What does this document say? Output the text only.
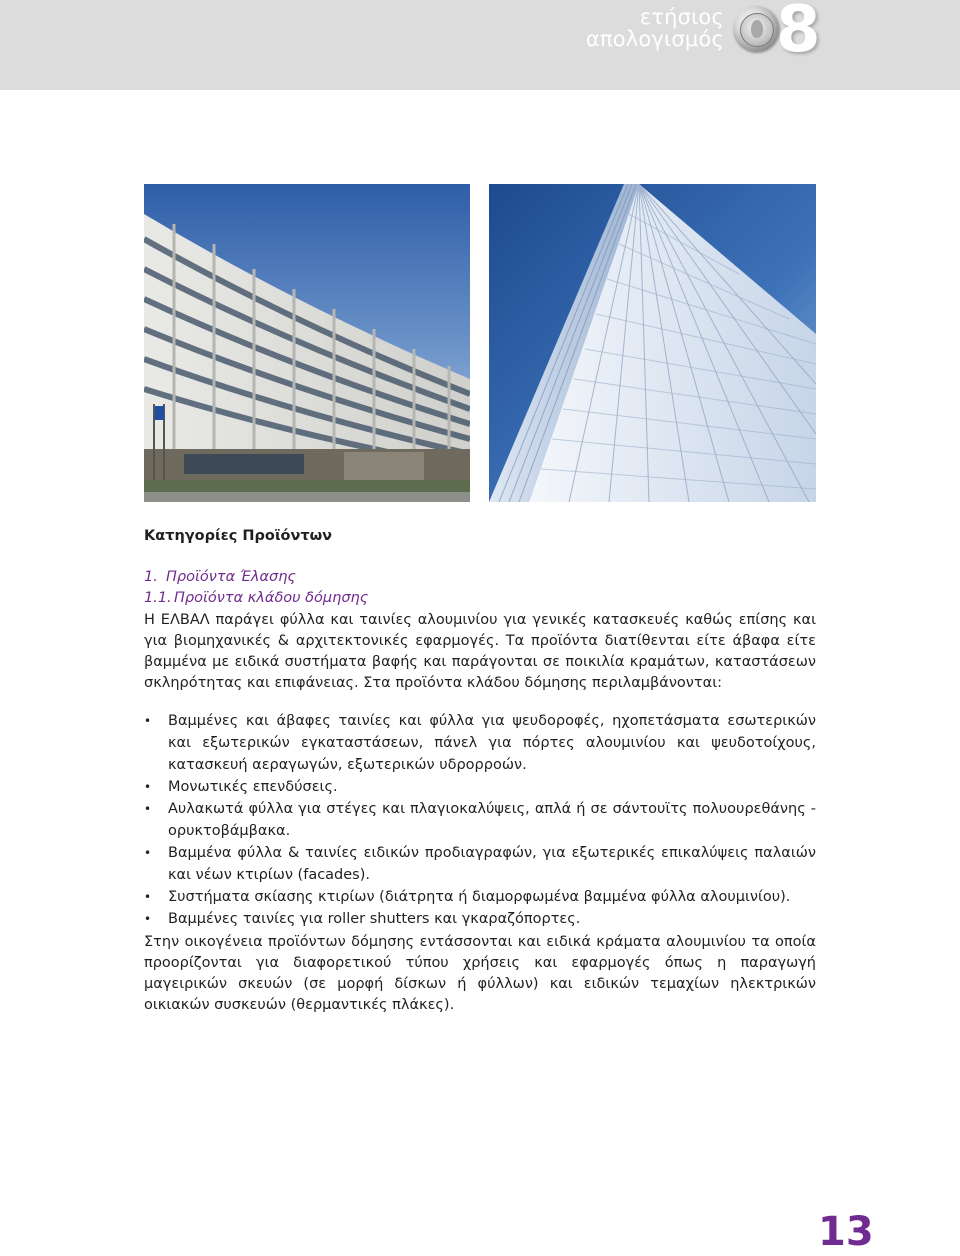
ετήσιος
απολογισμός 8
Κατηγορίες Προϊόντων
1. Προϊόντα Έλασης
1.1. Προϊόντα κλάδου δόμησης
Η ΕΛΒΑΛ παράγει φύλλα και ταινίες αλουμινίου για γενικές κατασκευές καθώς επίσης και για βιομηχανικές & αρχιτεκτονικές εφαρμογές. Τα προϊόντα διατίθενται είτε άβαφα είτε βαμμένα με ειδικά συστήματα βαφής και παράγονται σε ποικιλία κραμάτων, καταστάσεων σκληρότητας και επιφάνειας. Στα προϊόντα κλάδου δόμησης περιλαμβάνονται:
• Βαμμένες και άβαφες ταινίες και φύλλα για ψευδοροφές, ηχοπετάσματα εσωτερικών και εξωτερικών εγκαταστάσεων, πάνελ για πόρτες αλουμινίου και ψευδοτοίχους, κατασκευή αεραγωγών, εξωτερικών υδρορροών.
• Μονωτικές επενδύσεις.
• Αυλακωτά φύλλα για στέγες και πλαγιοκαλύψεις, απλά ή σε σάντουϊτς πολυουρεθάνης - ορυκτοβάμβακα.
• Βαμμένα φύλλα & ταινίες ειδικών προδιαγραφών, για εξωτερικές επικαλύψεις παλαιών και νέων κτιρίων (facades).
• Συστήματα σκίασης κτιρίων (διάτρητα ή διαμορφωμένα βαμμένα φύλλα αλουμινίου).
• Βαμμένες ταινίες για roller shutters και γκαραζόπορτες.
Στην οικογένεια προϊόντων δόμησης εντάσσονται και ειδικά κράματα αλουμινίου τα οποία προορίζονται για διαφορετικού τύπου χρήσεις και εφαρμογές όπως η παραγωγή μαγειρικών σκευών (σε μορφή δίσκων ή φύλλων) και ειδικών τεμαχίων ηλεκτρικών οικιακών συσκευών (θερμαντικές πλάκες).
13
